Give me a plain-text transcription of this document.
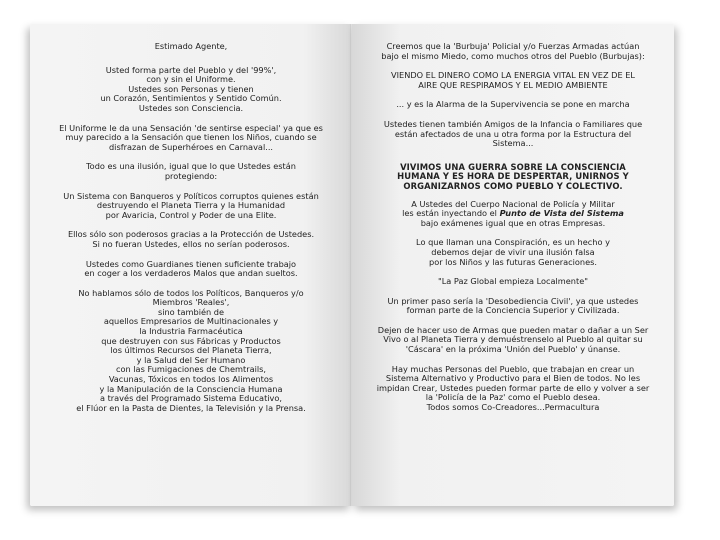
Estimado Agente,
Usted forma parte del Pueblo y del '99%',
con y sin el Uniforme.
Ustedes son Personas y tienen
un Corazón, Sentimientos y Sentido Común.
Ustedes son Consciencia.
El Uniforme le da una Sensación 'de sentirse especial' ya que es
muy parecido a la Sensación que tienen los Niños, cuando se
disfrazan de Superhéroes en Carnaval...
Todo es una ilusión, igual que lo que Ustedes están
protegiendo:
Un Sistema con Banqueros y Políticos corruptos quienes están
destruyendo el Planeta Tierra y la Humanidad
por Avaricia, Control y Poder de una Elite.
Ellos sólo son poderosos gracias a la Protección de Ustedes.
Si no fueran Ustedes, ellos no serían poderosos.
Ustedes como Guardianes tienen suficiente trabajo
en coger a los verdaderos Malos que andan sueltos.
No hablamos sólo de todos los Políticos, Banqueros y/o
Miembros 'Reales',
sino también de
aquellos Empresarios de Multinacionales y
la Industria Farmacéutica
que destruyen con sus Fábricas y Productos
los últimos Recursos del Planeta Tierra,
y la Salud del Ser Humano
con las Fumigaciones de Chemtrails,
Vacunas, Tóxicos en todos los Alimentos
y la Manipulación de la Consciencia Humana
a través del Programado Sistema Educativo,
el Flúor en la Pasta de Dientes, la Televisión y la Prensa.
Creemos que la 'Burbuja' Policial y/o Fuerzas Armadas actúan
bajo el mismo Miedo, como muchos otros del Pueblo (Burbujas):
VIENDO EL DINERO COMO LA ENERGIA VITAL EN VEZ DE EL
AIRE QUE RESPIRAMOS Y EL MEDIO AMBIENTE
... y es la Alarma de la Supervivencia se pone en marcha
Ustedes tienen también Amigos de la Infancia o Familiares que
están afectados de una u otra forma por la Estructura del
Sistema...
VIVIMOS UNA GUERRA SOBRE LA CONSCIENCIA
HUMANA Y ES HORA DE DESPERTAR, UNIRNOS Y
ORGANIZARNOS COMO PUEBLO Y COLECTIVO.
A Ustedes del Cuerpo Nacional de Policía y Militar
les están inyectando el Punto de Vista del Sistema
bajo exámenes igual que en otras Empresas.
Lo que llaman una Conspiración, es un hecho y
debemos dejar de vivir una ilusión falsa
por los Niños y las futuras Generaciones.
"La Paz Global empieza Localmente"
Un primer paso sería la 'Desobediencia Civil', ya que ustedes
forman parte de la Conciencia Superior y Civilizada.
Dejen de hacer uso de Armas que pueden matar o dañar a un Ser
Vivo o al Planeta Tierra y demuéstrenselo al Pueblo al quitar su
'Cáscara' en la próxima 'Unión del Pueblo' y únanse.
Hay muchas Personas del Pueblo, que trabajan en crear un
Sistema Alternativo y Productivo para el Bien de todos. No les
impidan Crear, Ustedes pueden formar parte de ello y volver a ser
la 'Policía de la Paz' como el Pueblo desea.
Todos somos Co-Creadores...Permacultura
